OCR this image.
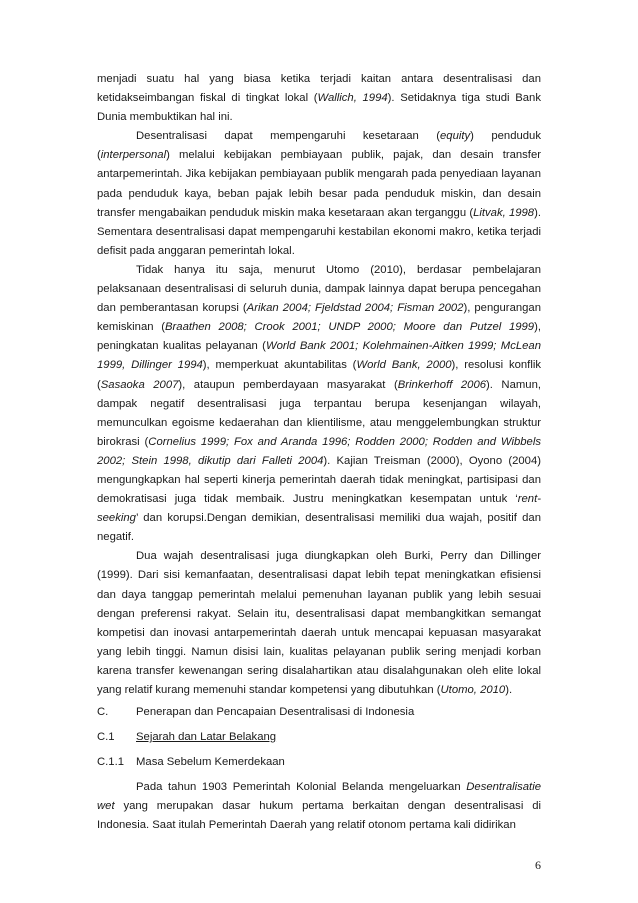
menjadi suatu hal yang biasa ketika terjadi kaitan antara desentralisasi dan ketidakseimbangan fiskal di tingkat lokal (Wallich, 1994). Setidaknya tiga studi Bank Dunia membuktikan hal ini.

Desentralisasi dapat mempengaruhi kesetaraan (equity) penduduk (interpersonal) melalui kebijakan pembiayaan publik, pajak, dan desain transfer antarpemerintah. Jika kebijakan pembiayaan publik mengarah pada penyediaan layanan pada penduduk kaya, beban pajak lebih besar pada penduduk miskin, dan desain transfer mengabaikan penduduk miskin maka kesetaraan akan terganggu (Litvak, 1998). Sementara desentralisasi dapat mempengaruhi kestabilan ekonomi makro, ketika terjadi defisit pada anggaran pemerintah lokal.

Tidak hanya itu saja, menurut Utomo (2010), berdasar pembelajaran pelaksanaan desentralisasi di seluruh dunia, dampak lainnya dapat berupa pencegahan dan pemberantasan korupsi (Arikan 2004; Fjeldstad 2004; Fisman 2002), pengurangan kemiskinan (Braathen 2008; Crook 2001; UNDP 2000; Moore dan Putzel 1999), peningkatan kualitas pelayanan (World Bank 2001; Kolehmainen-Aitken 1999; McLean 1999, Dillinger 1994), memperkuat akuntabilitas (World Bank, 2000), resolusi konflik (Sasaoka 2007), ataupun pemberdayaan masyarakat (Brinkerhoff 2006). Namun, dampak negatif desentralisasi juga terpantau berupa kesenjangan wilayah, memunculkan egoisme kedaerahan dan klientilisme, atau menggelembungkan struktur birokrasi (Cornelius 1999; Fox and Aranda 1996; Rodden 2000; Rodden and Wibbels 2002; Stein 1998, dikutip dari Falleti 2004). Kajian Treisman (2000), Oyono (2004) mengungkapkan hal seperti kinerja pemerintah daerah tidak meningkat, partisipasi dan demokratisasi juga tidak membaik. Justru meningkatkan kesempatan untuk ‘rent-seeking’ dan korupsi.Dengan demikian, desentralisasi memiliki dua wajah, positif dan negatif.

Dua wajah desentralisasi juga diungkapkan oleh Burki, Perry dan Dillinger (1999). Dari sisi kemanfaatan, desentralisasi dapat lebih tepat meningkatkan efisiensi dan daya tanggap pemerintah melalui pemenuhan layanan publik yang lebih sesuai dengan preferensi rakyat. Selain itu, desentralisasi dapat membangkitkan semangat kompetisi dan inovasi antarpemerintah daerah untuk mencapai kepuasan masyarakat yang lebih tinggi. Namun disisi lain, kualitas pelayanan publik sering menjadi korban karena transfer kewenangan sering disalahartikan atau disalahgunakan oleh elite lokal yang relatif kurang memenuhi standar kompetensi yang dibutuhkan (Utomo, 2010).

C.	Penerapan dan Pencapaian Desentralisasi di Indonesia
C.1	Sejarah dan Latar Belakang
C.1.1	Masa Sebelum Kemerdekaan

Pada tahun 1903 Pemerintah Kolonial Belanda mengeluarkan Desentralisatie wet yang merupakan dasar hukum pertama berkaitan dengan desentralisasi di Indonesia. Saat itulah Pemerintah Daerah yang relatif otonom pertama kali didirikan

6
